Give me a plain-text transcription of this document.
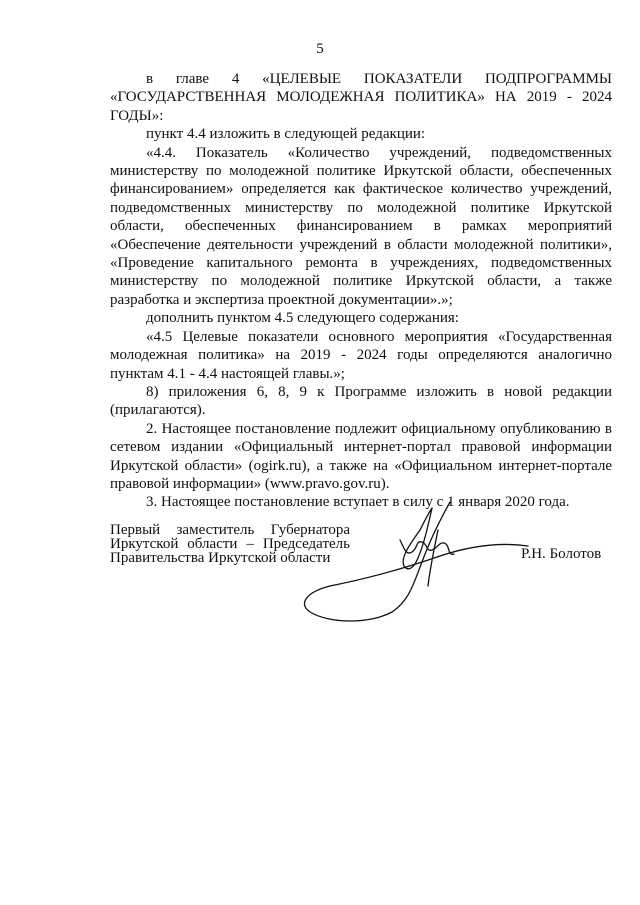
5

в главе 4 «ЦЕЛЕВЫЕ ПОКАЗАТЕЛИ ПОДПРОГРАММЫ «ГОСУДАРСТВЕННАЯ МОЛОДЕЖНАЯ ПОЛИТИКА» НА 2019 - 2024 ГОДЫ»:

пункт 4.4 изложить в следующей редакции:

«4.4. Показатель «Количество учреждений, подведомственных министерству по молодежной политике Иркутской области, обеспеченных финансированием» определяется как фактическое количество учреждений, подведомственных министерству по молодежной политике Иркутской области, обеспеченных финансированием в рамках мероприятий «Обеспечение деятельности учреждений в области молодежной политики», «Проведение капитального ремонта в учреждениях, подведомственных министерству по молодежной политике Иркутской области, а также разработка и экспертиза проектной документации».»;

дополнить пунктом 4.5 следующего содержания:

«4.5 Целевые показатели основного мероприятия «Государственная молодежная политика» на 2019 - 2024 годы определяются аналогично пунктам 4.1 - 4.4 настоящей главы.»;

8) приложения 6, 8, 9 к Программе изложить в новой редакции (прилагаются).

2. Настоящее постановление подлежит официальному опубликованию в сетевом издании «Официальный интернет-портал правовой информации Иркутской области» (ogirk.ru), а также на «Официальном интернет-портале правовой информации» (www.pravo.gov.ru).

3. Настоящее постановление вступает в силу с 1 января 2020 года.

Первый заместитель Губернатора
Иркутской области – Председатель
Правительства Иркутской области	Р.Н. Болотов
